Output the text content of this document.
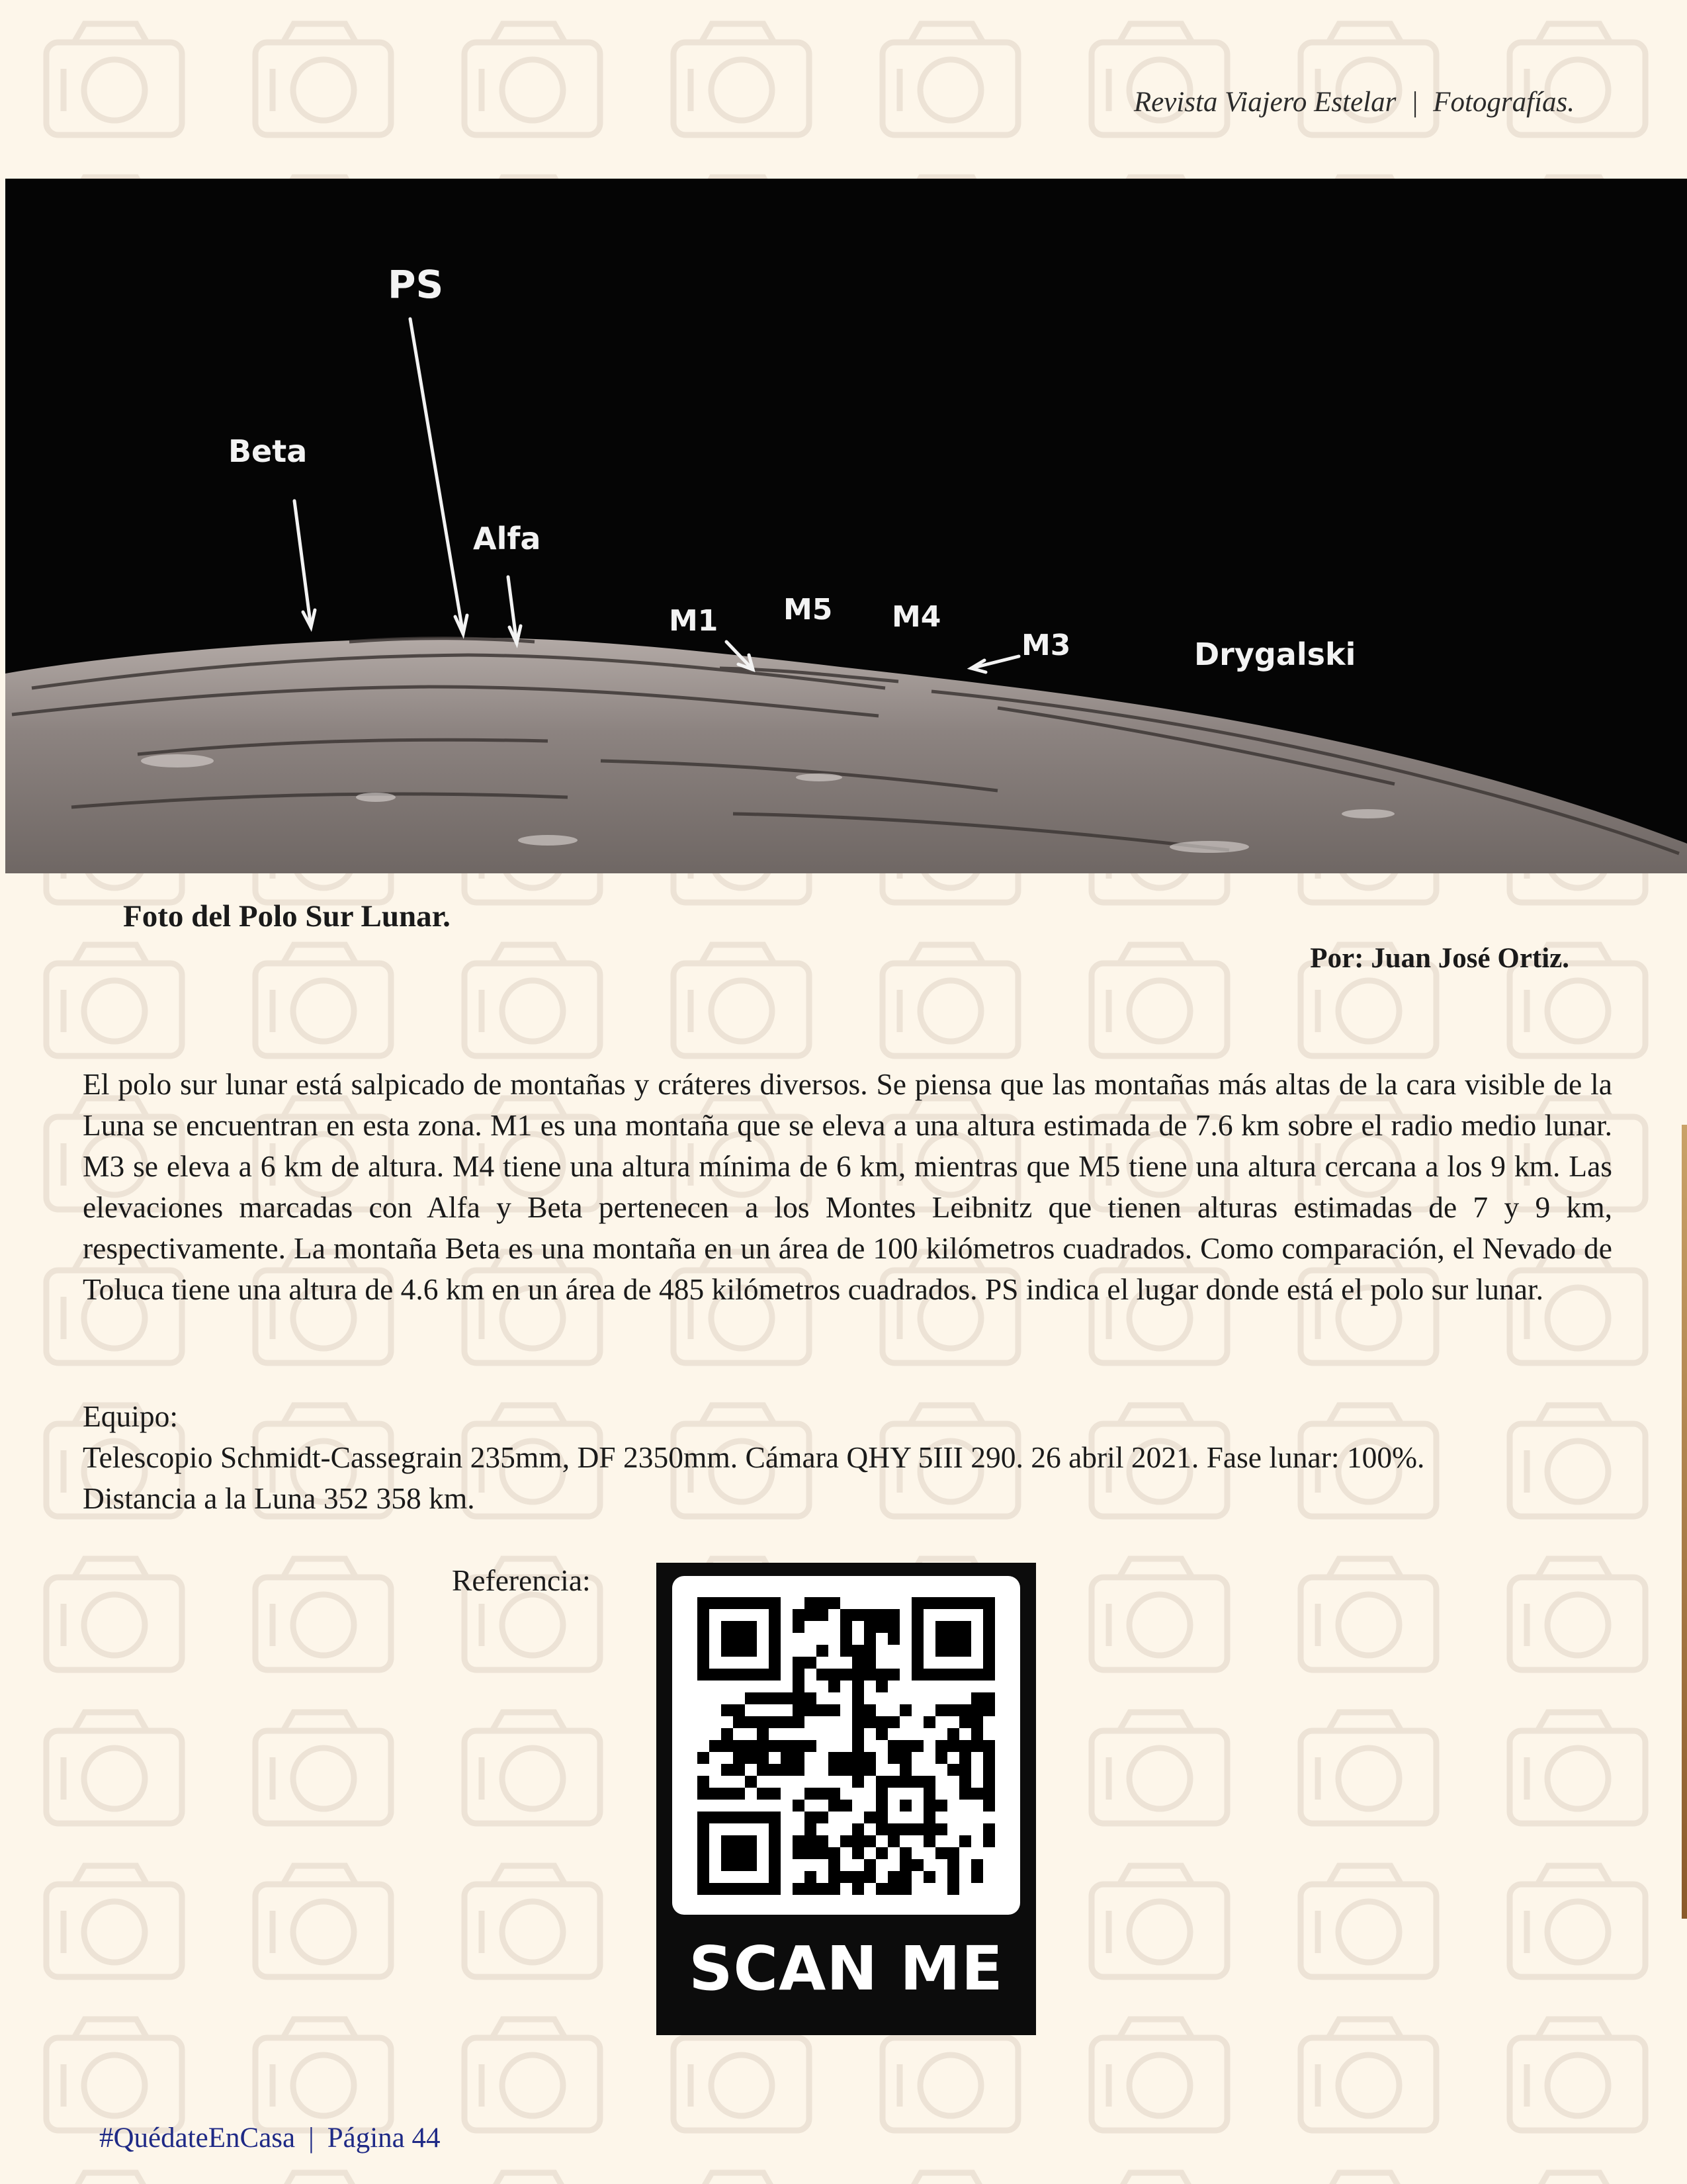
Revista Viajero Estelar | Fotografías.
PS
Beta
Alfa
M1 M5 M4
M3	Drygalski
Foto del Polo Sur Lunar.
Por: Juan José Ortiz.
El polo sur lunar está salpicado de montañas y cráteres diversos. Se piensa que las montañas más altas de la cara visible de la Luna se encuentran en esta zona. M1 es una montaña que se eleva a una altura estimada de 7.6 km sobre el radio medio lunar. M3 se eleva a 6 km de altura. M4 tiene una altura mínima de 6 km, mientras que M5 tiene una altura cercana a los 9 km. Las elevaciones marcadas con Alfa y Beta pertenecen a los Montes Leibnitz que tienen alturas estimadas de 7 y 9 km, respectivamente. La montaña Beta es una montaña en un área de 100 kilómetros cuadrados. Como comparación, el Nevado de Toluca tiene una altura de 4.6 km en un área de 485 kilómetros cuadrados. PS indica el lugar donde está el polo sur lunar.
Equipo:
Telescopio Schmidt-Cassegrain 235mm, DF 2350mm. Cámara QHY 5III 290. 26 abril 2021. Fase lunar: 100%.
Distancia a la Luna 352 358 km.
Referencia:
SCAN ME
#QuédateEnCasa | Página 44
